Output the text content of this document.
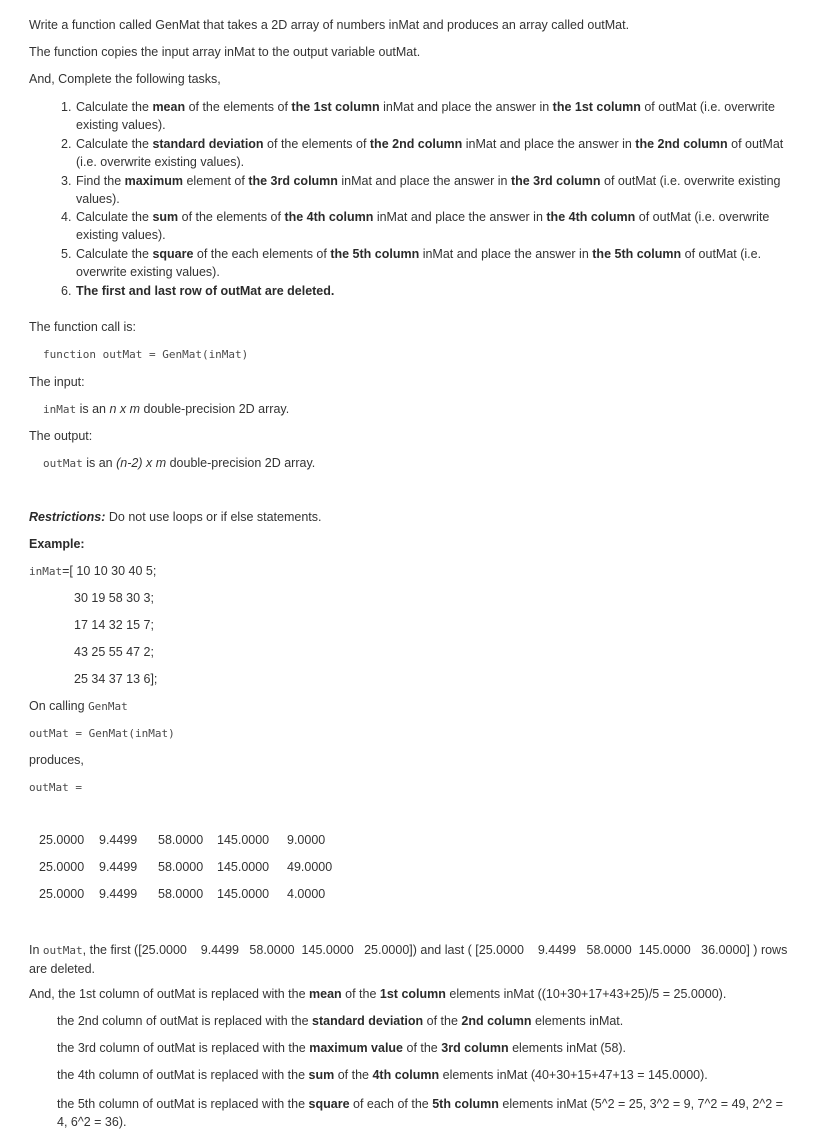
Write a function called GenMat that takes a 2D array of numbers inMat and produces an array called outMat.
The function copies the input array inMat to the output variable outMat.
And, Complete the following tasks,
1. Calculate the mean of the elements of the 1st column inMat and place the answer in the 1st column of outMat (i.e. overwrite existing values).
2. Calculate the standard deviation of the elements of the 2nd column inMat and place the answer in the 2nd column of outMat (i.e. overwrite existing values).
3. Find the maximum element of the 3rd column inMat and place the answer in the 3rd column of outMat (i.e. overwrite existing values).
4. Calculate the sum of the elements of the 4th column inMat and place the answer in the 4th column of outMat (i.e. overwrite existing values).
5. Calculate the square of the each elements of the 5th column inMat and place the answer in the 5th column of outMat (i.e. overwrite existing values).
6. The first and last row of outMat are deleted.
The function call is:
function outMat = GenMat(inMat)
The input:
inMat is an n x m double-precision 2D array.
The output:
outMat is an (n-2) x m double-precision 2D array.
Restrictions: Do not use loops or if else statements.
Example:
inMat=[ 10 10 30 40 5;
30 19 58 30 3;
17 14 32 15 7;
43 25 55 47 2;
25 34 37 13 6];
On calling GenMat
outMat = GenMat(inMat)
produces,
outMat =
25.0000 9.4499 58.0000 145.0000 9.0000
25.0000 9.4499 58.0000 145.0000 49.0000
25.0000 9.4499 58.0000 145.0000 4.0000
In outMat, the first ([25.0000    9.4499   58.0000  145.0000   25.0000]) and last ( [25.0000    9.4499   58.0000  145.0000   36.0000] ) rows are deleted.
And, the 1st column of outMat is replaced with the mean of the 1st column elements inMat ((10+30+17+43+25)/5 = 25.0000).
the 2nd column of outMat is replaced with the standard deviation of the 2nd column elements inMat.
the 3rd column of outMat is replaced with the maximum value of the 3rd column elements inMat (58).
the 4th column of outMat is replaced with the sum of the 4th column elements inMat (40+30+15+47+13 = 145.0000).
the 5th column of outMat is replaced with the square of each of the 5th column elements inMat (5^2 = 25, 3^2 = 9, 7^2 = 49, 2^2 = 4, 6^2 = 36).
